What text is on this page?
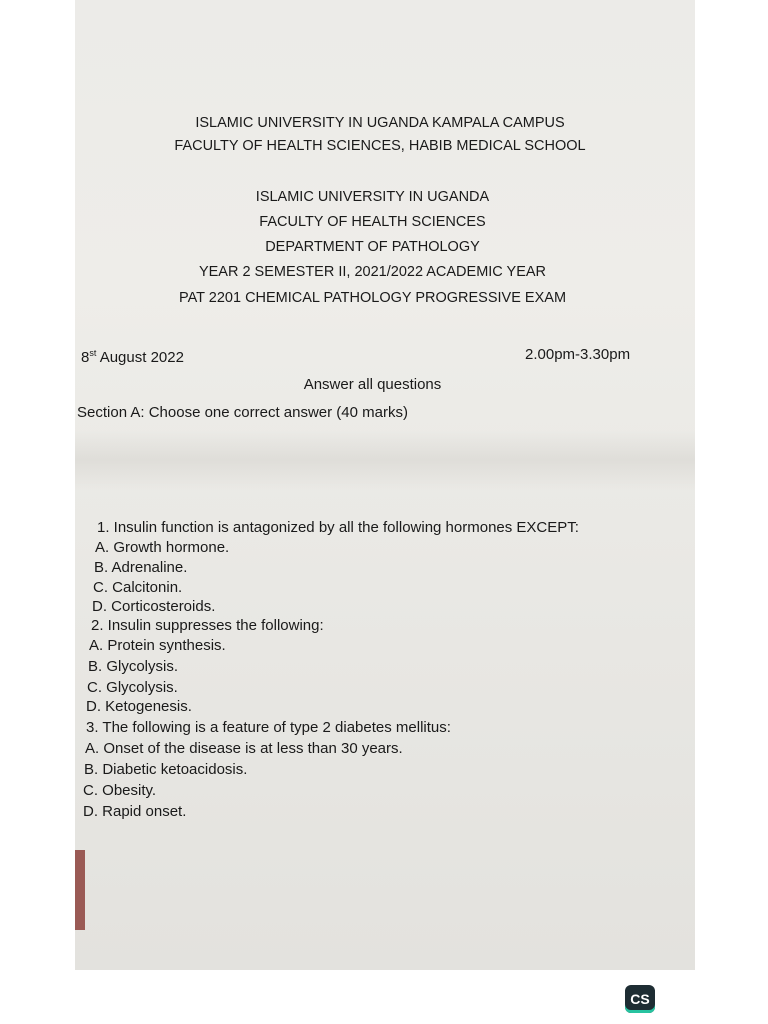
ISLAMIC UNIVERSITY IN UGANDA KAMPALA CAMPUS
FACULTY OF HEALTH SCIENCES, HABIB MEDICAL SCHOOL
ISLAMIC UNIVERSITY IN UGANDA
FACULTY OF HEALTH SCIENCES
DEPARTMENT OF PATHOLOGY
YEAR 2 SEMESTER II, 2021/2022 ACADEMIC YEAR
PAT 2201 CHEMICAL PATHOLOGY PROGRESSIVE EXAM
8st August 2022	2.00pm-3.30pm
Answer all questions
Section A: Choose one correct answer (40 marks)
1. Insulin function is antagonized by all the following hormones EXCEPT:
A. Growth hormone.
B. Adrenaline.
C. Calcitonin.
D. Corticosteroids.
2. Insulin suppresses the following:
A. Protein synthesis.
B. Glycolysis.
C. Glycolysis.
D. Ketogenesis.
3. The following is a feature of type 2 diabetes mellitus:
A. Onset of the disease is at less than 30 years.
B. Diabetic ketoacidosis.
C. Obesity.
D. Rapid onset.
CS
